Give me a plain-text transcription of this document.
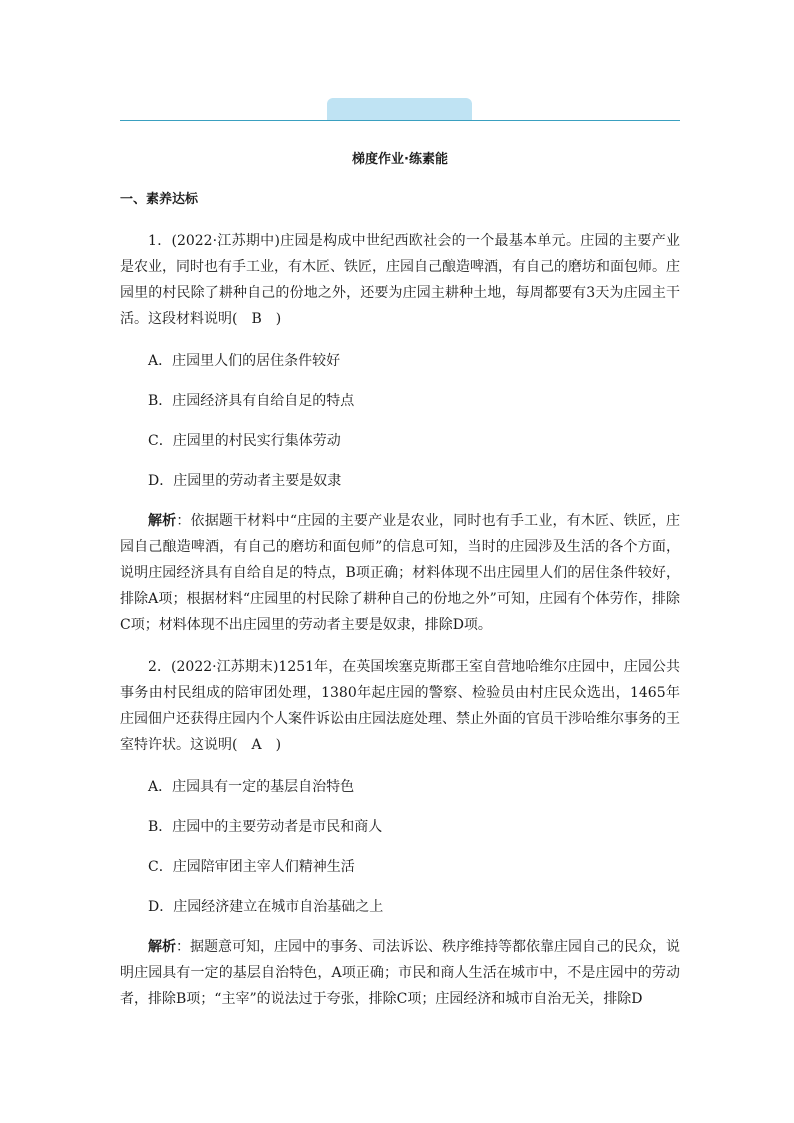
梯度作业·练素能
一、素养达标
1．(2022·江苏期中)庄园是构成中世纪西欧社会的一个最基本单元。庄园的主要产业是农业，同时也有手工业，有木匠、铁匠，庄园自己酿造啤酒，有自己的磨坊和面包师。庄园里的村民除了耕种自己的份地之外，还要为庄园主耕种土地，每周都要有3天为庄园主干活。这段材料说明(　B　)
A．庄园里人们的居住条件较好
B．庄园经济具有自给自足的特点
C．庄园里的村民实行集体劳动
D．庄园里的劳动者主要是奴隶
解析：依据题干材料中“庄园的主要产业是农业，同时也有手工业，有木匠、铁匠，庄园自己酿造啤酒，有自己的磨坊和面包师”的信息可知，当时的庄园涉及生活的各个方面，说明庄园经济具有自给自足的特点，B项正确；材料体现不出庄园里人们的居住条件较好，排除A项；根据材料“庄园里的村民除了耕种自己的份地之外”可知，庄园有个体劳作，排除C项；材料体现不出庄园里的劳动者主要是奴隶，排除D项。
2．(2022·江苏期末)1251年，在英国埃塞克斯郡王室自营地哈维尔庄园中，庄园公共事务由村民组成的陪审团处理，1380年起庄园的警察、检验员由村庄民众选出，1465年庄园佃户还获得庄园内个人案件诉讼由庄园法庭处理、禁止外面的官员干涉哈维尔事务的王室特许状。这说明(　A　)
A．庄园具有一定的基层自治特色
B．庄园中的主要劳动者是市民和商人
C．庄园陪审团主宰人们精神生活
D．庄园经济建立在城市自治基础之上
解析：据题意可知，庄园中的事务、司法诉讼、秩序维持等都依靠庄园自己的民众，说明庄园具有一定的基层自治特色，A项正确；市民和商人生活在城市中，不是庄园中的劳动者，排除B项；“主宰”的说法过于夸张，排除C项；庄园经济和城市自治无关，排除D
